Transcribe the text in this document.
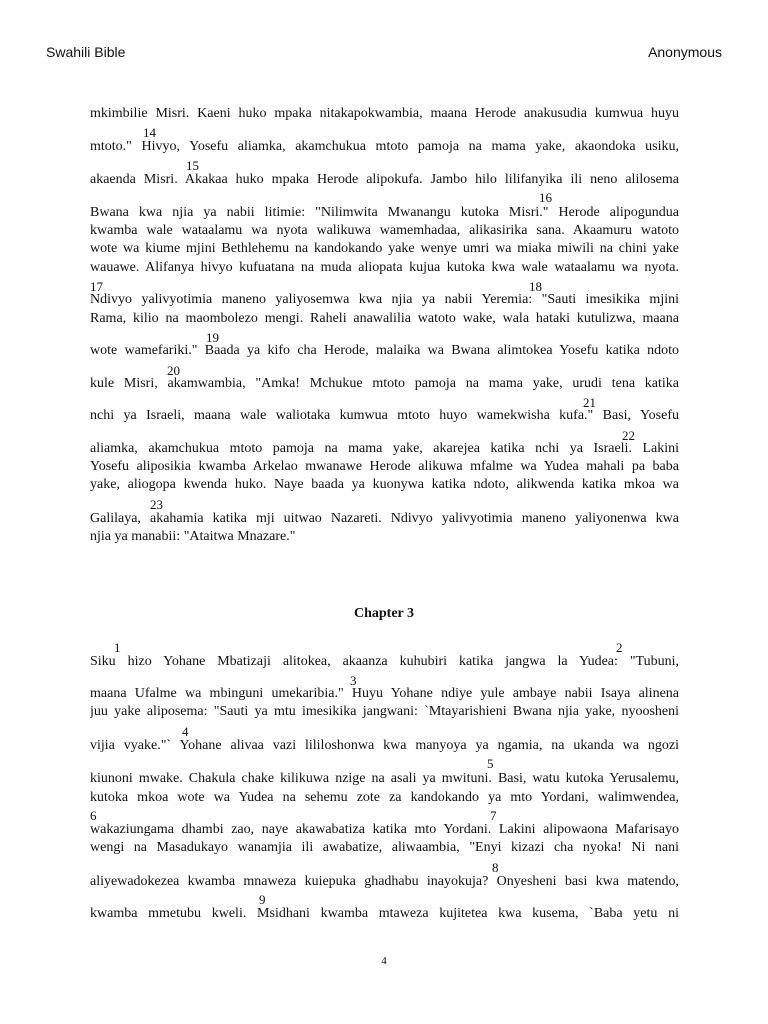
Swahili Bible	Anonymous
mkimbilie Misri. Kaeni huko mpaka nitakapokwambia, maana Herode anakusudia kumwua huyu
mtoto." Hivyo, Yosefu aliamka, akamchukua mtoto pamoja na mama yake, akaondoka usiku,
akaenda Misri. Akakaa huko mpaka Herode alipokufa. Jambo hilo lilifanyika ili neno alilosema
Bwana kwa njia ya nabii litimie: "Nilimwita Mwanangu kutoka Misri." Herode alipogundua
kwamba wale wataalamu wa nyota walikuwa wamemhadaa, alikasirika sana. Akaamuru watoto
wote wa kiume mjini Bethlehemu na kandokando yake wenye umri wa miaka miwili na chini yake
wauawe. Alifanya hivyo kufuatana na muda aliopata kujua kutoka kwa wale wataalamu wa nyota.
Ndivyo yalivyotimia maneno yaliyosemwa kwa njia ya nabii Yeremia: "Sauti imesikika mjini
Rama, kilio na maombolezo mengi. Raheli anawalilia watoto wake, wala hataki kutulizwa, maana
wote wamefariki." Baada ya kifo cha Herode, malaika wa Bwana alimtokea Yosefu katika ndoto
kule Misri, akamwambia, "Amka! Mchukue mtoto pamoja na mama yake, urudi tena katika
nchi ya Israeli, maana wale waliotaka kumwua mtoto huyo wamekwisha kufa." Basi, Yosefu
aliamka, akamchukua mtoto pamoja na mama yake, akarejea katika nchi ya Israeli. Lakini
Yosefu aliposikia kwamba Arkelao mwanawe Herode alikuwa mfalme wa Yudea mahali pa baba
yake, aliogopa kwenda huko. Naye baada ya kuonywa katika ndoto, alikwenda katika mkoa wa
Galilaya, akahamia katika mji uitwao Nazareti. Ndivyo yalivyotimia maneno yaliyonenwa kwa
njia ya manabii: "Ataitwa Mnazare."
14
15
16
17	18
19
20
21
22
23
Chapter 3
Siku hizo Yohane Mbatizaji alitokea, akaanza kuhubiri katika jangwa la Yudea: "Tubuni,
maana Ufalme wa mbinguni umekaribia." Huyu Yohane ndiye yule ambaye nabii Isaya alinena
juu yake aliposema: "Sauti ya mtu imesikika jangwani: `Mtayarishieni Bwana njia yake, nyoosheni
vijia vyake."` Yohane alivaa vazi lililoshonwa kwa manyoya ya ngamia, na ukanda wa ngozi
kiunoni mwake. Chakula chake kilikuwa nzige na asali ya mwituni. Basi, watu kutoka Yerusalemu,
kutoka mkoa wote wa Yudea na sehemu zote za kandokando ya mto Yordani, walimwendea,
wakaziungama dhambi zao, naye akawabatiza katika mto Yordani. Lakini alipowaona Mafarisayo
wengi na Masadukayo wanamjia ili awabatize, aliwaambia, "Enyi kizazi cha nyoka! Ni nani
aliyewadokezea kwamba mnaweza kuiepuka ghadhabu inayokuja? Onyesheni basi kwa matendo,
kwamba mmetubu kweli. Msidhani kwamba mtaweza kujitetea kwa kusema, `Baba yetu ni
1	2
3
4
5
6	7
8
9
4
